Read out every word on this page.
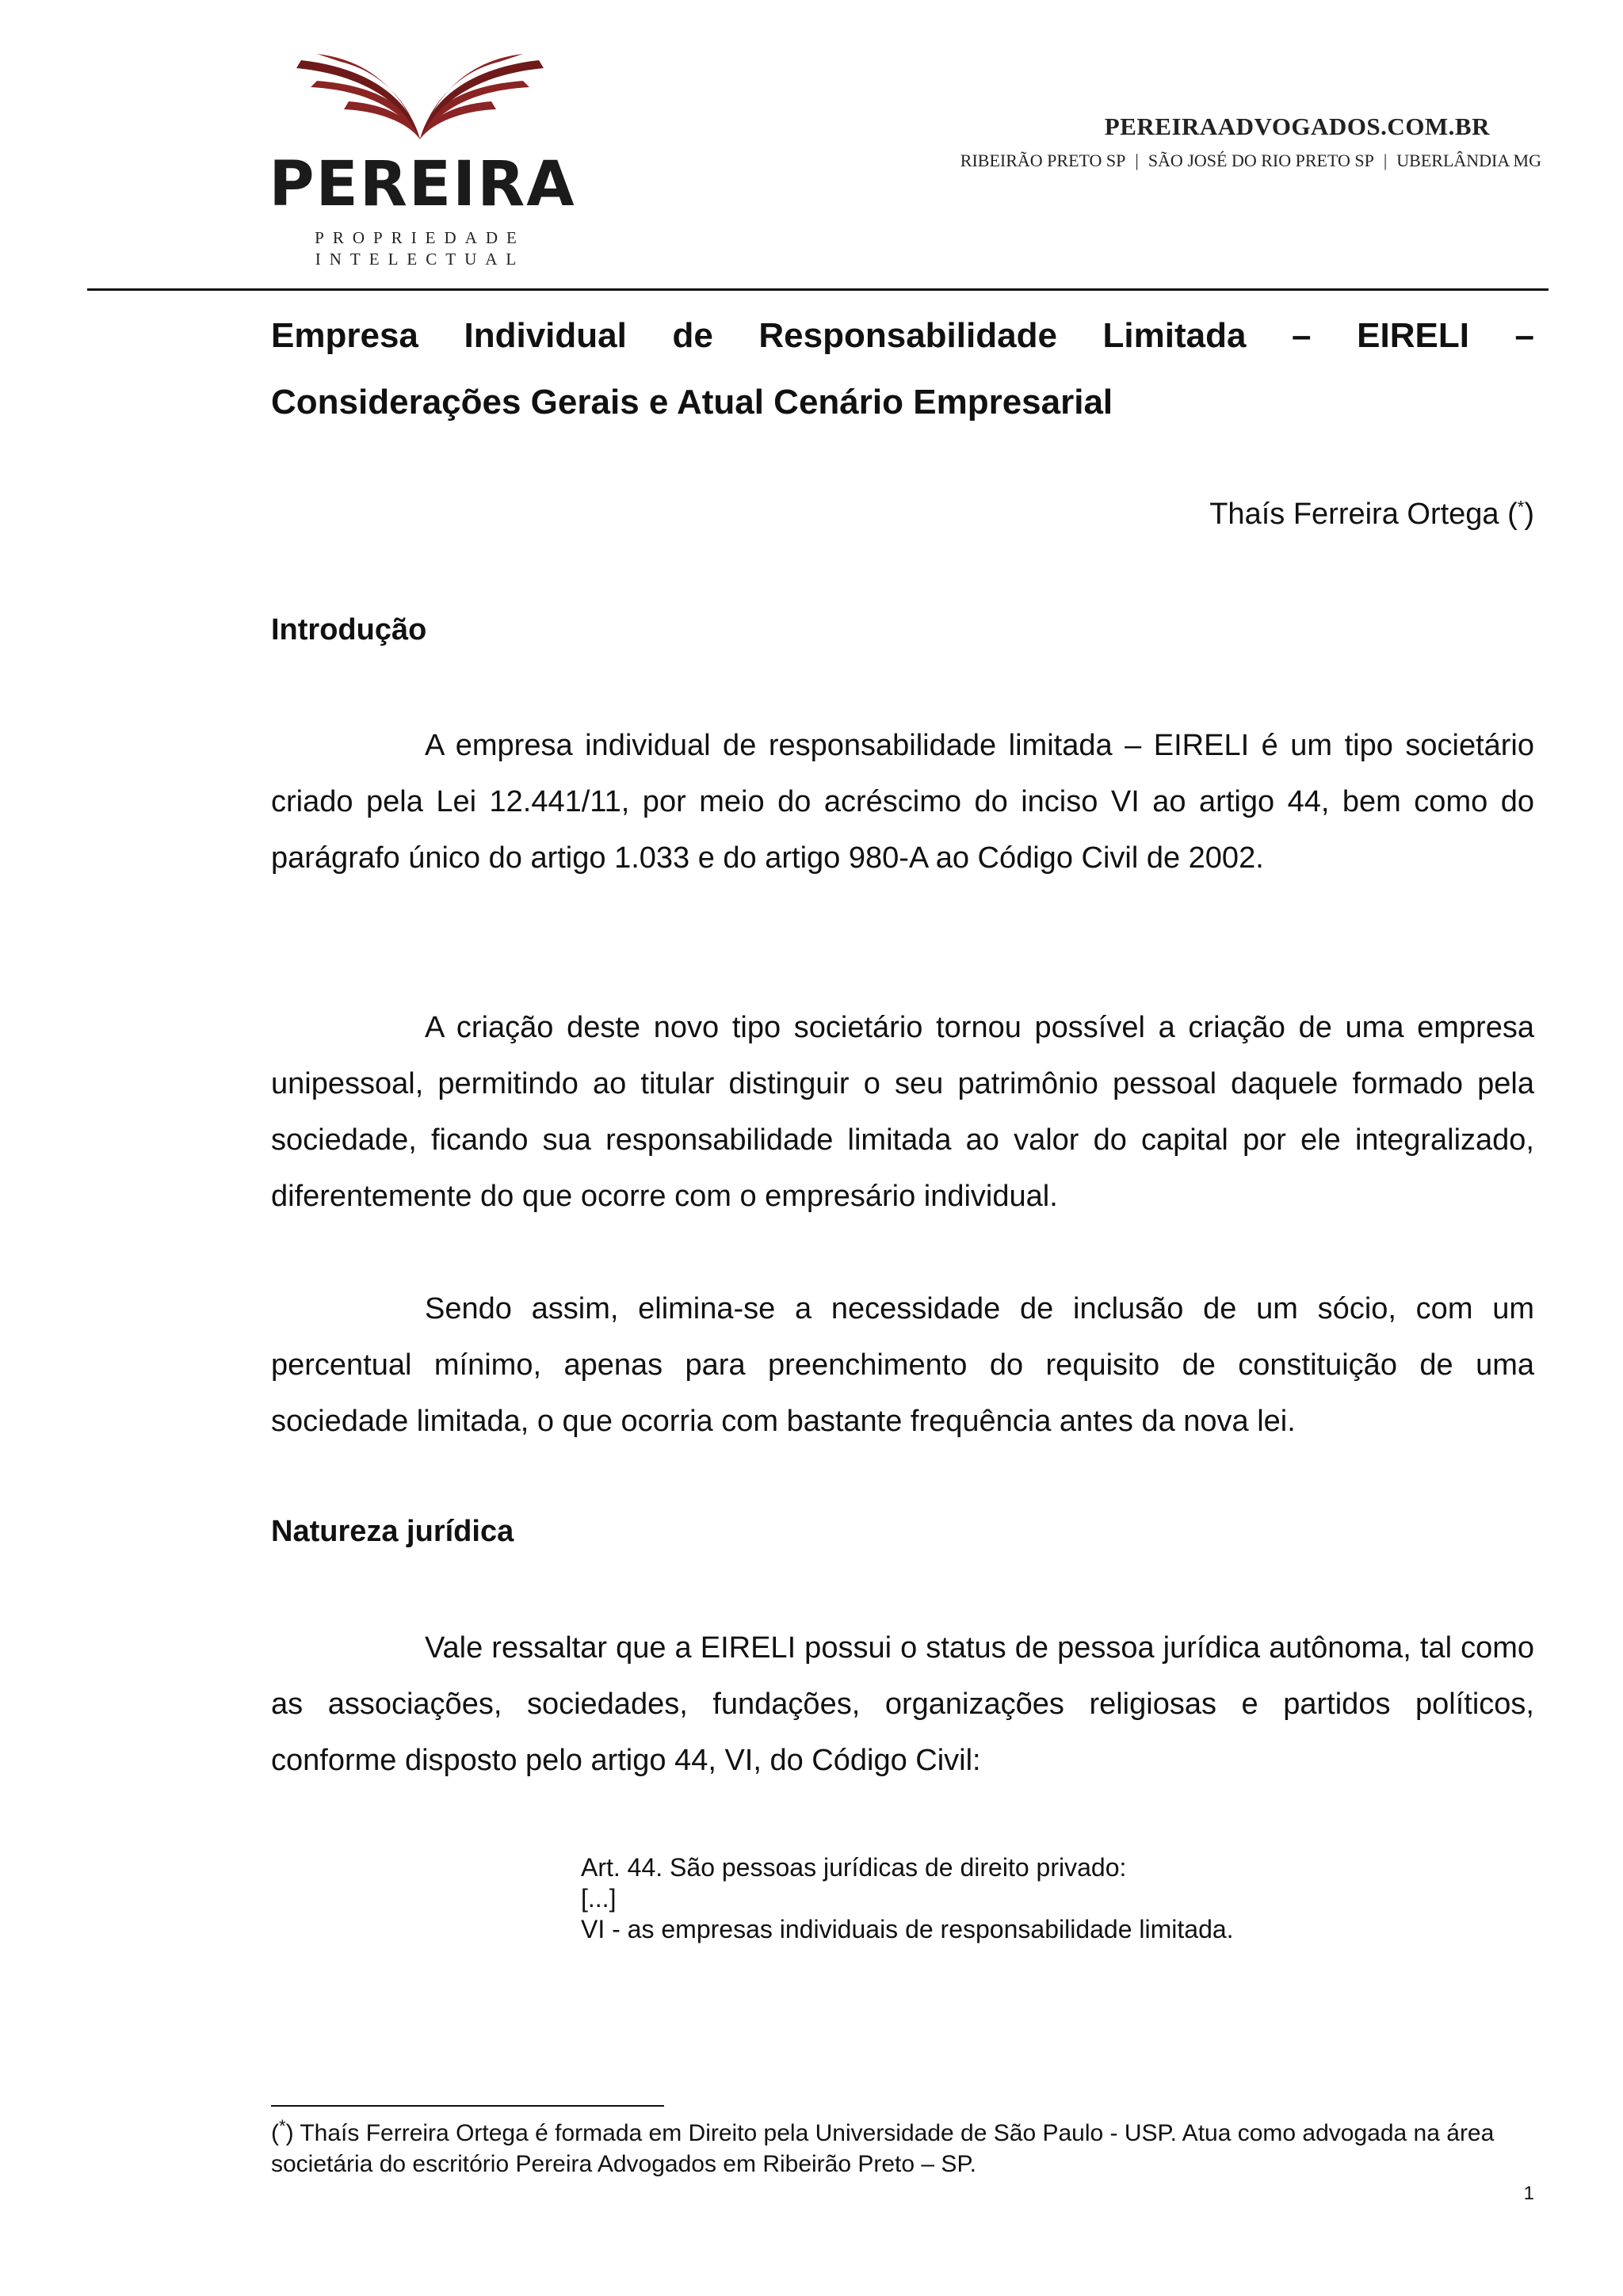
PEREIRA
PROPRIEDADE
INTELECTUAL
PEREIRAADVOGADOS.COM.BR
RIBEIRÃO PRETO SP | SÃO JOSÉ DO RIO PRETO SP | UBERLÂNDIA MG
Empresa Individual de Responsabilidade Limitada – EIRELI –
Considerações Gerais e Atual Cenário Empresarial
Thaís Ferreira Ortega (*)
Introdução

A empresa individual de responsabilidade limitada – EIRELI é um tipo societário criado pela Lei 12.441/11, por meio do acréscimo do inciso VI ao artigo 44, bem como do parágrafo único do artigo 1.033 e do artigo 980-A ao Código Civil de 2002.

A criação deste novo tipo societário tornou possível a criação de uma empresa unipessoal, permitindo ao titular distinguir o seu patrimônio pessoal daquele formado pela sociedade, ficando sua responsabilidade limitada ao valor do capital por ele integralizado, diferentemente do que ocorre com o empresário individual.

Sendo assim, elimina-se a necessidade de inclusão de um sócio, com um percentual mínimo, apenas para preenchimento do requisito de constituição de uma sociedade limitada, o que ocorria com bastante frequência antes da nova lei.

Natureza jurídica

Vale ressaltar que a EIRELI possui o status de pessoa jurídica autônoma, tal como as associações, sociedades, fundações, organizações religiosas e partidos políticos, conforme disposto pelo artigo 44, VI, do Código Civil:

Art. 44. São pessoas jurídicas de direito privado:
[...]
VI - as empresas individuais de responsabilidade limitada.
(*) Thaís Ferreira Ortega é formada em Direito pela Universidade de São Paulo - USP. Atua como advogada na área societária do escritório Pereira Advogados em Ribeirão Preto – SP.
1
